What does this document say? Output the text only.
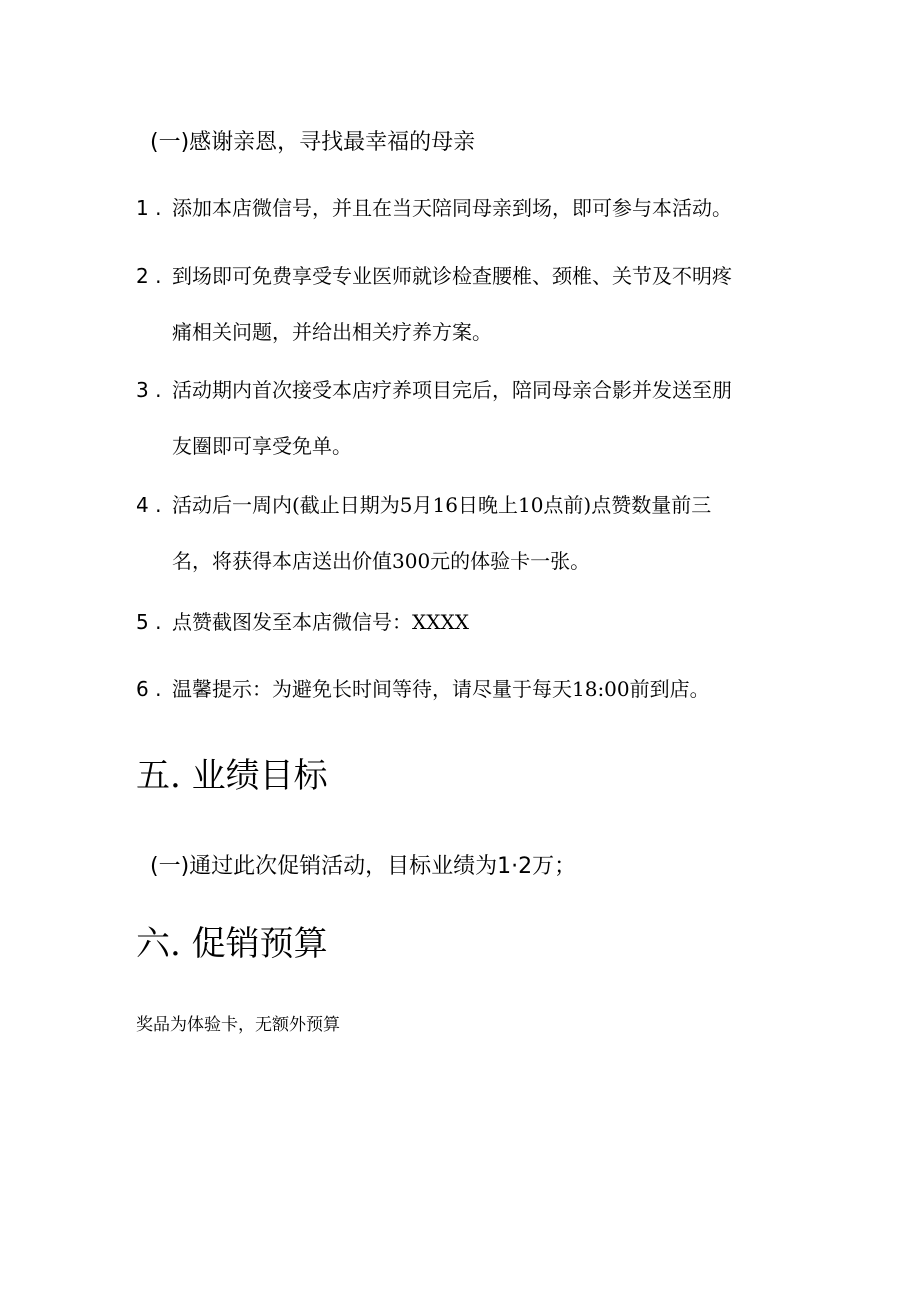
(一)感谢亲恩，寻找最幸福的母亲
1 . 添加本店微信号，并且在当天陪同母亲到场，即可参与本活动。
2 . 到场即可免费享受专业医师就诊检查腰椎、颈椎、关节及不明疼
痛相关问题，并给出相关疗养方案。
3 . 活动期内首次接受本店疗养项目完后，陪同母亲合影并发送至朋
友圈即可享受免单。
4 . 活动后一周内(截止日期为5月16日晚上10点前)点赞数量前三
名，将获得本店送出价值300元的体验卡一张。
5 . 点赞截图发至本店微信号：XXXX
6 . 温馨提示：为避免长时间等待，请尽量于每天18:00前到店。
五. 业绩目标
(一)通过此次促销活动，目标业绩为1·2万；
六. 促销预算
奖品为体验卡，无额外预算
